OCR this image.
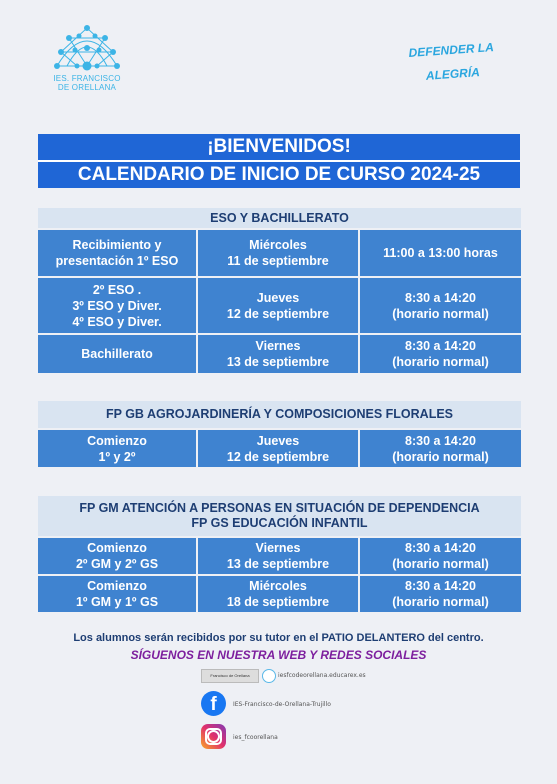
IES. FRANCISCO
DE ORELLANA
DEFENDER LA
ALEGRÍA
¡BIENVENIDOS!
CALENDARIO DE INICIO DE CURSO 2024-25
ESO Y BACHILLERATO
Recibimiento y
presentación 1º ESO
Miércoles
11 de septiembre
11:00 a 13:00 horas
2º ESO .
3º ESO y Diver.
4º ESO y Diver.
Jueves
12 de septiembre
8:30 a 14:20
(horario normal)
Bachillerato
Viernes
13 de septiembre
8:30 a 14:20
(horario normal)
FP GB AGROJARDINERÍA Y COMPOSICIONES FLORALES
Comienzo
1º y 2º
Jueves
12 de septiembre
8:30 a 14:20
(horario normal)
FP GM ATENCIÓN A PERSONAS EN SITUACIÓN DE DEPENDENCIA
FP GS EDUCACIÓN INFANTIL
Comienzo
2º GM y 2º GS
Viernes
13 de septiembre
8:30 a 14:20
(horario normal)
Comienzo
1º GM y 1º GS
Miércoles
18 de septiembre
8:30 a 14:20
(horario normal)
Los alumnos serán recibidos por su tutor en el PATIO DELANTERO del centro.
SÍGUENOS EN NUESTRA WEB Y REDES SOCIALES
Francisco de Orellana	iesfcodeorellana.educarex.es
f	IES-Francisco-de-Orellana-Trujillo
ies_fcoorellana
